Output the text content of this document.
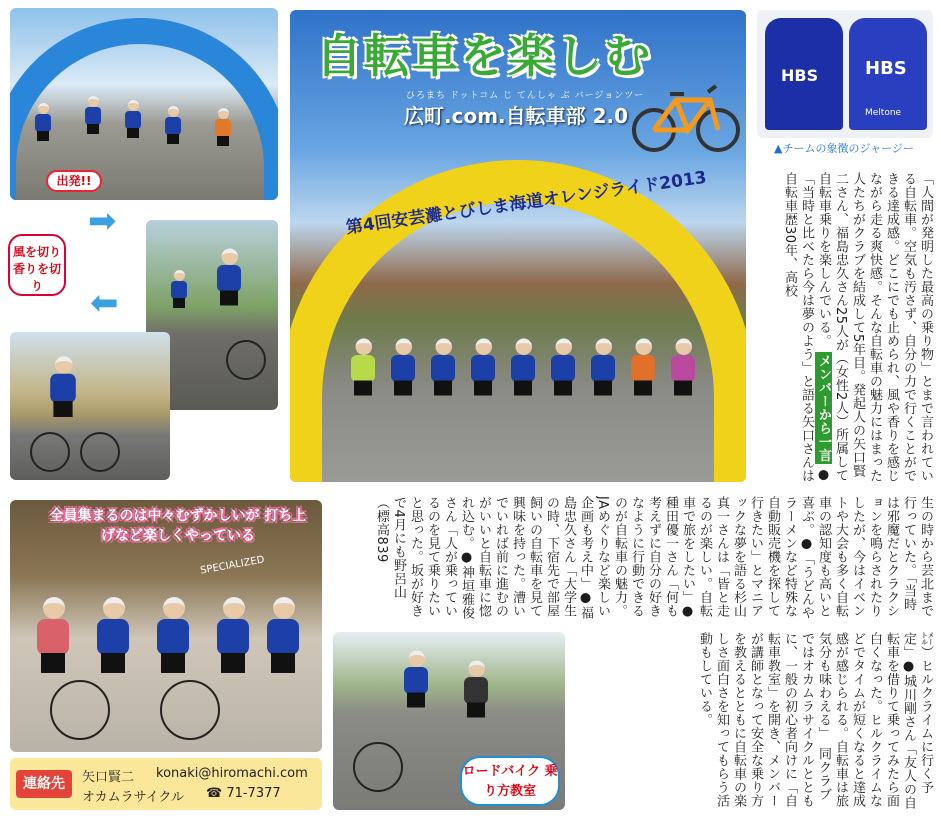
出発!!
➡
➡
風を切り 香りを切り
自転車を楽しむ
ひろまち ドットコム じ てんしゃ ぶ バージョンツー
広町.com.自転車部 2.0
第4回安芸灘とびしま海道オレンジライド2013
HBS	HBS
Meltone
▲チームの象徴のジャージー
SPECIALIZED
全員集まるのは中々むずかしいが 打ち上げなど楽しくやっている
連絡先	矢口賢二 konaki@hiromachi.com
オカムラサイクル ☎ 71-7377
ロードバイク 乗り方教室
「人間が発明した最高の乗り物」とまで言われている自転車。空気も汚さず、自分の力で行くことができる達成感。どこにでも止められ、風や香りを感じながら走る爽快感。そんな自転車の魅力にはまった人たちがクラブを結成して5年目。発起人の矢口賢二さん、福島忠久さん25人が（女性2人）所属して自転車乗りを楽しんでいる。メンバーから一言●「当時と比べたら今は夢のよう」と語る矢口さんは自転車歴30年、高校
生の時から芸北まで行っていた。「当時は邪魔だとクラクションを鳴らされたりしたが、今はイベントや大会も多く自転車の認知度も高いと喜ぶ。●「うどんやラーメンなど特殊な自動販売機を探して行きたい」とマニアックな夢を語る杉山真一さんは「皆と走るのが楽しい。自転車で旅をしたい」●種田優一さん「何も考えずに自分の好きなように行動できるのが自転車の魅力。JAめぐりなど楽しい企画も考え中」●福島忠久さん「大学生の時、下宿先で部屋飼いの自転車を見て興味を持った。漕いでいれば前に進むのがいいと自転車に惚れ込む。●神垣雅俊さん「人が乗っているのを見て乗りたいと思った。坂が好きで4月にも野呂山（標高839
㍍）ヒルクライムに行く予定」●城川剛さん「友人の自転車を借りて乗ってみたら面白くなった。ヒルクライムなどでタイムが短くなると達成感が感じられる。自転車は旅気分も味わえる」　同クラブではオカムラサイクルとともに、一般の初心者向けに「自転車教室」を開き、メンバーが講師となって安全な乗り方を教えるとともに自転車の楽しさ面白さを知ってもらう活動もしている。
